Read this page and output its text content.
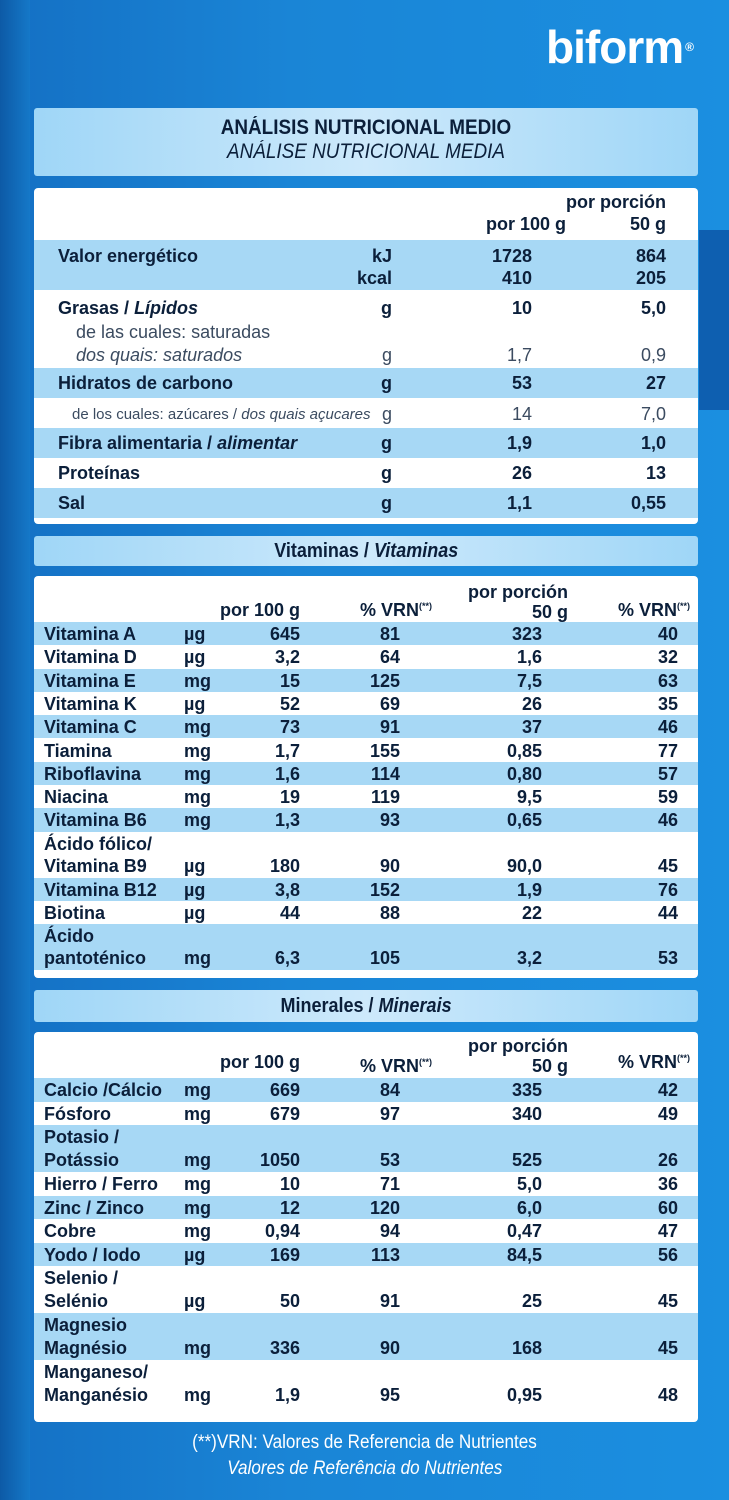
biform ®
ANÁLISIS NUTRICIONAL MEDIO
ANÁLISE NUTRICIONAL MEDIA
por 100 g
por porción
50 g
Valor energético	kJ	1728	864
kcal	410	205
Grasas / Lípidos	g	10	5,0
de las cuales: saturadas
dos quais: saturados	g	1,7	0,9
Hidratos de carbono	g	53	27
de los cuales: azúcares / dos quais açucares g	14	7,0
Fibra alimentaria / alimentar	g	1,9	1,0
Proteínas	g	26	13
Sal	g	1,1	0,55
Vitaminas / Vitaminas
por 100 g	% VRN(**)
por porción
50 g	% VRN(**)
Vitamina A	µg	645	81	323	40
Vitamina D	µg	3,2	64	1,6	32
Vitamina E	mg	15	125	7,5	63
Vitamina K	µg	52	69	26	35
Vitamina C	mg	73	91	37	46
Tiamina	mg	1,7	155	0,85	77
Riboflavina mg	1,6	114	0,80	57
Niacina	mg	19	119	9,5	59
Vitamina B6 mg	1,3	93	0,65	46
Ácido fólico/
Vitamina B9 µg	180	90	90,0	45
Vitamina B12 µg	3,8	152	1,9	76
Biotina	µg	44	88	22	44
Ácido
pantoténico mg	6,3	105	3,2	53
Minerales / Minerais
por 100 g	% VRN(**)
por porción
50 g	% VRN(**)
Calcio /Cálcio mg	669	84	335	42
Fósforo	mg	679	97	340	49
Potasio /
Potássio	mg	1050	53	525	26
Hierro / Ferro mg	10	71	5,0	36
Zinc / Zinco mg	12	120	6,0	60
Cobre	mg	0,94	94	0,47	47
Yodo / Iodo µg	169	113	84,5	56
Selenio /
Selénio	µg	50	91	25	45
Magnesio
Magnésio	mg	336	90	168	45
Manganeso/
Manganésio mg	1,9	95	0,95	48
(**)VRN: Valores de Referencia de Nutrientes
Valores de Referência do Nutrientes
